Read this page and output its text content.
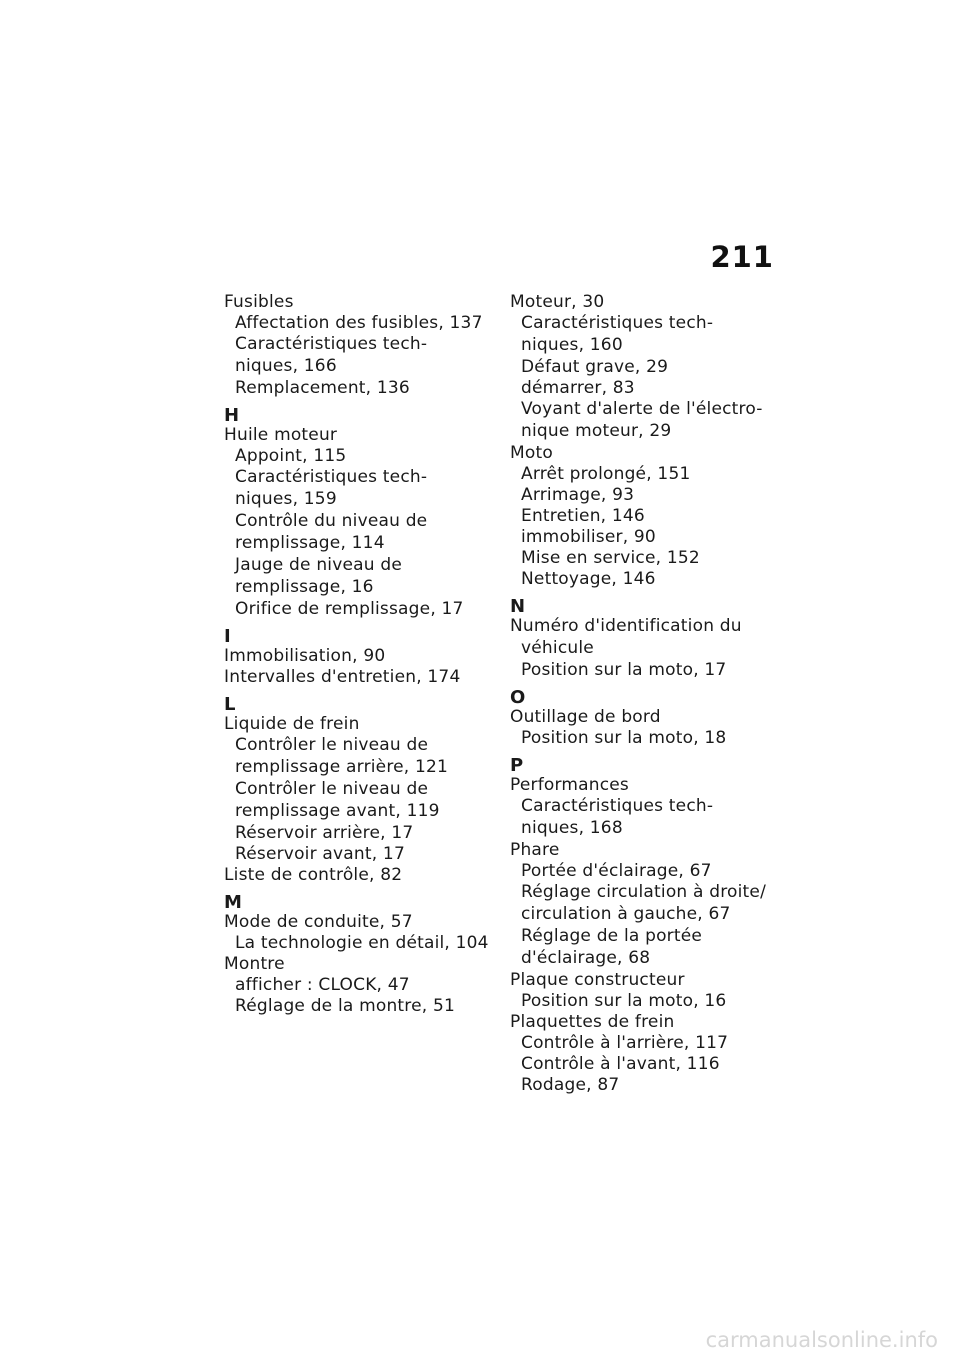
211
Fusibles
Affectation des fusibles, 137
Caractéristiques tech-
niques, 166
Remplacement, 136
H
Huile moteur
Appoint, 115
Caractéristiques tech-
niques, 159
Contrôle du niveau de
remplissage, 114
Jauge de niveau de
remplissage, 16
Orifice de remplissage, 17
I
Immobilisation, 90
Intervalles d'entretien, 174
L
Liquide de frein
Contrôler le niveau de
remplissage arrière, 121
Contrôler le niveau de
remplissage avant, 119
Réservoir arrière, 17
Réservoir avant, 17
Liste de contrôle, 82
M
Mode de conduite, 57
La technologie en détail, 104
Montre
afficher : CLOCK, 47
Réglage de la montre, 51
Moteur, 30
Caractéristiques tech-
niques, 160
Défaut grave, 29
démarrer, 83
Voyant d'alerte de l'électro-
nique moteur, 29
Moto
Arrêt prolongé, 151
Arrimage, 93
Entretien, 146
immobiliser, 90
Mise en service, 152
Nettoyage, 146
N
Numéro d'identification du
véhicule
Position sur la moto, 17
O
Outillage de bord
Position sur la moto, 18
P
Performances
Caractéristiques tech-
niques, 168
Phare
Portée d'éclairage, 67
Réglage circulation à droite/
circulation à gauche, 67
Réglage de la portée
d'éclairage, 68
Plaque constructeur
Position sur la moto, 16
Plaquettes de frein
Contrôle à l'arrière, 117
Contrôle à l'avant, 116
Rodage, 87
carmanualsonline.info
